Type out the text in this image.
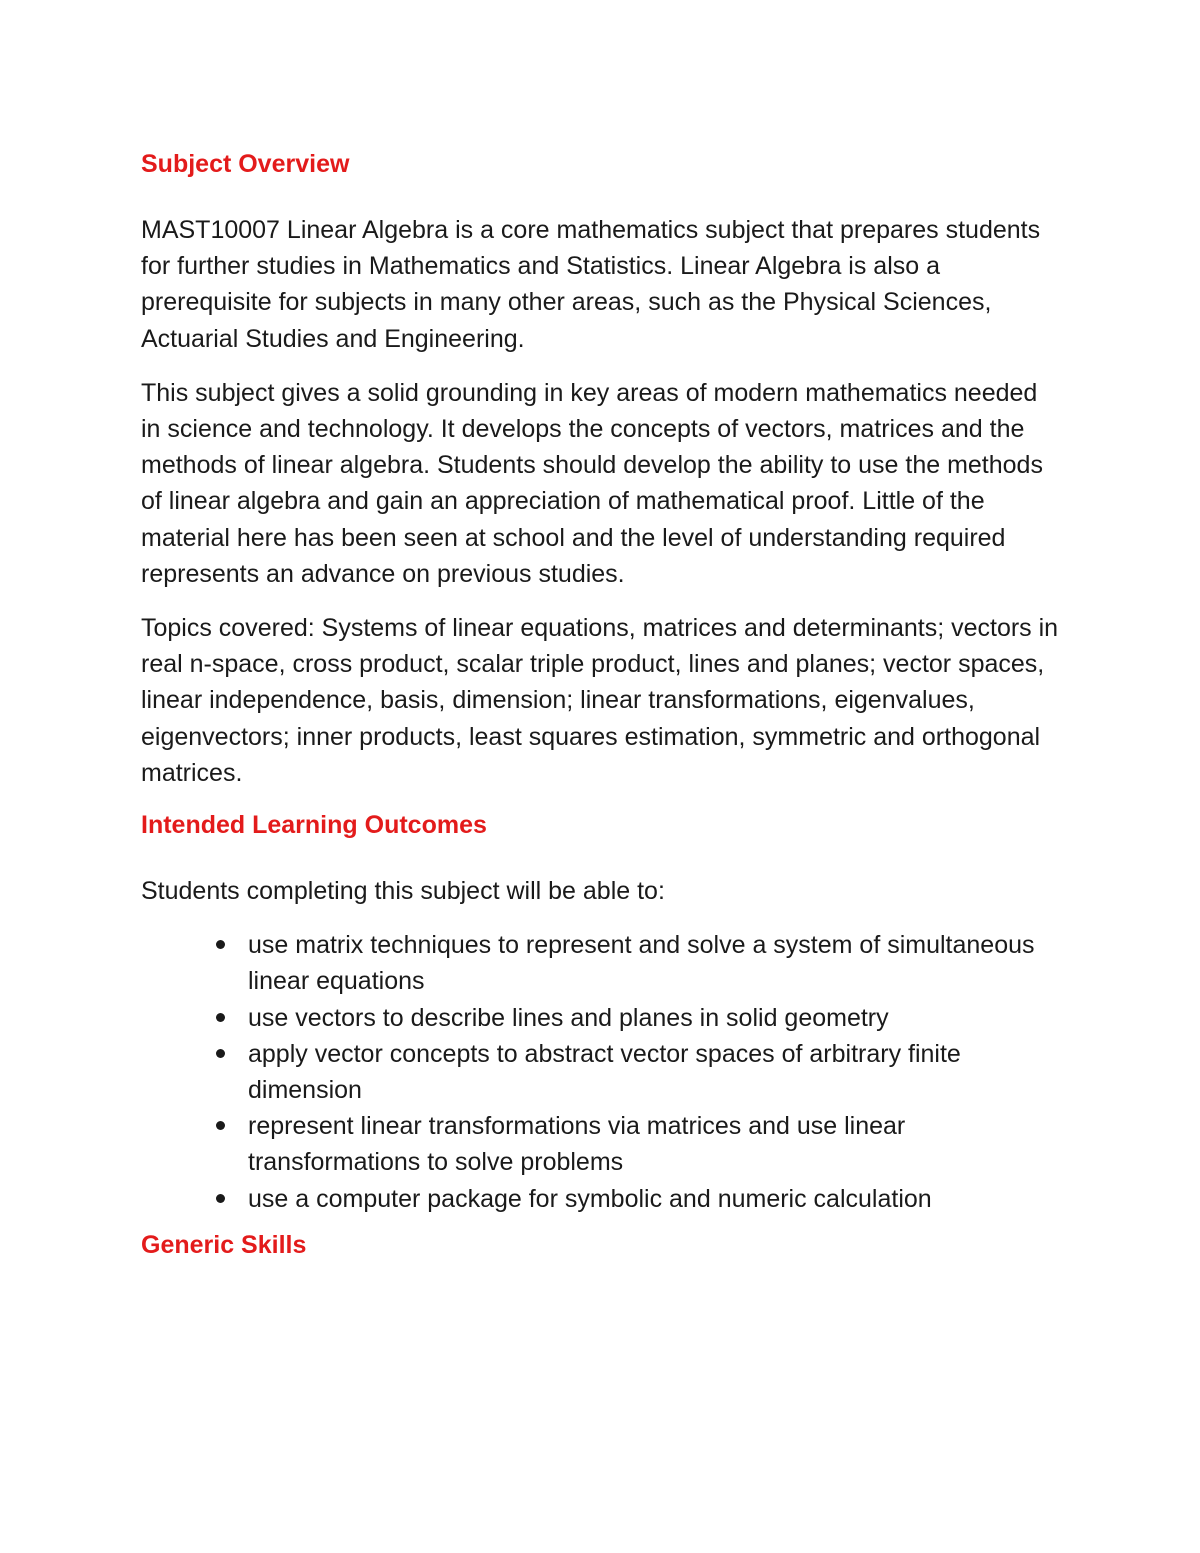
Subject Overview

MAST10007 Linear Algebra is a core mathematics subject that prepares students for further studies in Mathematics and Statistics. Linear Algebra is also a prerequisite for subjects in many other areas, such as the Physical Sciences, Actuarial Studies and Engineering.

This subject gives a solid grounding in key areas of modern mathematics needed in science and technology. It develops the concepts of vectors, matrices and the methods of linear algebra. Students should develop the ability to use the methods of linear algebra and gain an appreciation of mathematical proof. Little of the material here has been seen at school and the level of understanding required represents an advance on previous studies.

Topics covered: Systems of linear equations, matrices and determinants; vectors in real n-space, cross product, scalar triple product, lines and planes; vector spaces, linear independence, basis, dimension; linear transformations, eigenvalues, eigenvectors; inner products, least squares estimation, symmetric and orthogonal matrices.

Intended Learning Outcomes

Students completing this subject will be able to:

use matrix techniques to represent and solve a system of simultaneous linear equations
use vectors to describe lines and planes in solid geometry
apply vector concepts to abstract vector spaces of arbitrary finite dimension
represent linear transformations via matrices and use linear transformations to solve problems
use a computer package for symbolic and numeric calculation
Generic Skills
